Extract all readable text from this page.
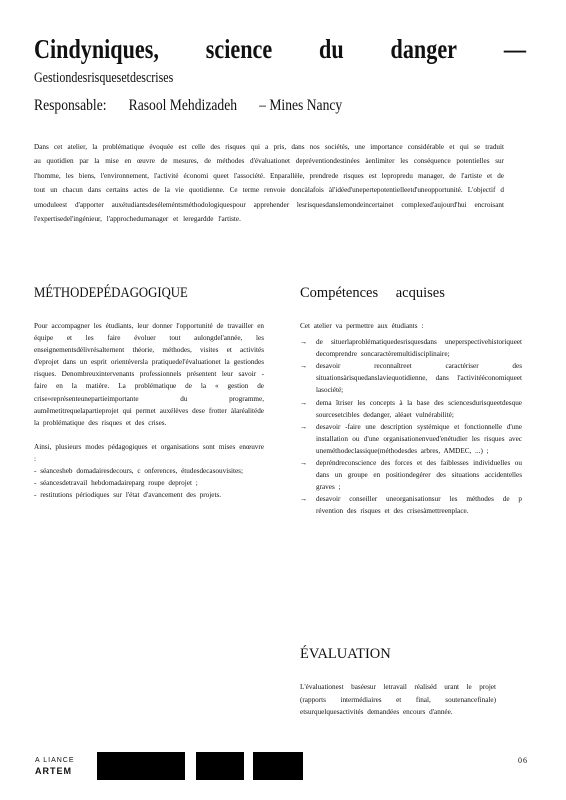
Cindyniques, science du danger —
Gestiondesrisquesetdescrises
Responsable: Rasool Mehdizadeh – Mines Nancy
Dans cet atelier, la problématique évoquée est celle des risques qui a pris, dans nos sociétés, une importance considérable et qui se traduit au quotidien par la mise en œuvre de mesures, de méthodes d'évaluationet depréventiondestinées àenlimiter les conséquence potentielles sur l'homme, les biens, l'environnement, l'activité économi queet l'associété. Enparallèle, prendrede risques est lepropredu manager, de l'artiste et de tout un chacun dans certains actes de la vie quotidienne. Ce terme renvoie doncàlafois àl'idéed'unepertepotentielleetd'uneopportunité. L'objectif d umoduleest d'apporter auxétudiantsdeséleméntsméthodologiquespour apprehender lesrisquesdanslemondeincertainet complexed'aujourd'hui encroisant l'expertisedel'ingénieur, l'approchedumanager et leregardde l'artiste.
MÉTHODEPÉDAGOGIQUE	Compétences acquises

Pour accompagner les étudiants, leur donner l'opportunité de travailler en équipe et les faire évoluer tout aulongdel'année, les enseignementsdélivrésalternent théorie, méthodes, visites et activités d'eprojet dans un esprit orientéversla pratiquedel'évaluationet la gestiondes risques. Denombreuxintervenants professionnels présentent leur savoir -faire en la matière. La problématique de la « gestion de crise»représenteunepartieimportante du programme, aumêmetitrequelapartieprojet qui permet auxélèves dese frotter àlaréalitéde la problématique des risques et des crises.

Ainsi, plusieurs modes pédagogiques et organisations sont mises enœuvre :
- séancesheb domadairesdecours, c onferences, étudesdecasouvisites;
- séancesdetravail hebdomadaireparg roupe deprojet ;
- restitutions périodiques sur l'état d'avancement des projets.

Cet atelier va permettre aux étudiants :
→ de situerlaproblématiquedesrisquesdans uneperspectivehistoriqueet decomprendre soncaractèremultidisciplinaire;
→ desavoir reconnaîtreet caractériser des situationsàrisquedanslaviequotidienne, dans l'activitééconomiqueet lasociété;
→ dema îtriser les concepts à la base des sciencesdurisqueetdesque sourcesetcibles dedanger, aléaet vulnérabilité;
→ desavoir -faire une description systémique et fonctionnelle d'une installation ou d'une organisationenvued'enétudier les risques avec uneméthodeclassique(méthodesdes arbres, AMDEC, ...) ;
→ depréndreconscience des forces et des faiblesses individuelles ou dans un groupe en positiondegérer des situations accidentelles graves ;
→ desavoir conseiller uneorganisationsur les méthodes de p révention des risques et des crisesàmettreenplace.
ÉVALUATION
L'évaluationest baséesur letravail réaliséd urant le projet (rapports intermédiaires et final, soutenancefinale) etsurquelquesactivités demandées encours d'année.
A LIANCE
ARTEM
06
